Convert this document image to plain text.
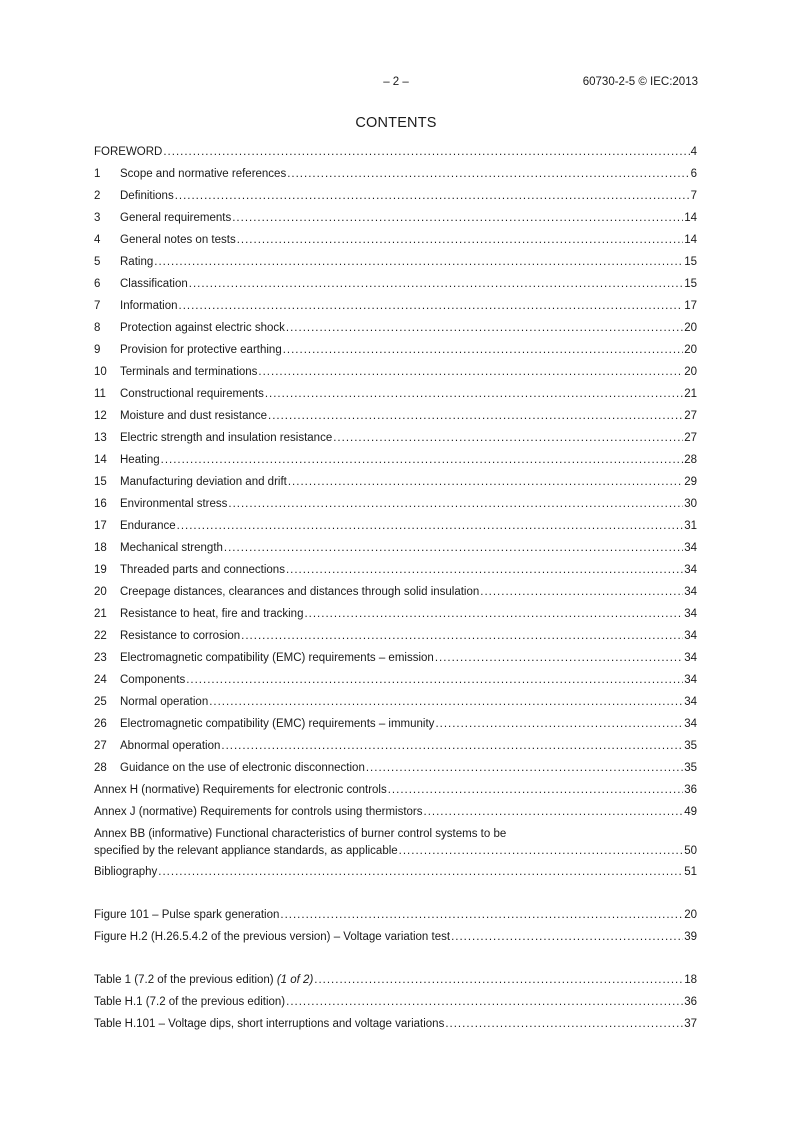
– 2 –	60730-2-5 © IEC:2013
CONTENTS
FOREWORD .....	4
1	Scope and normative references .....	6
2	Definitions .....	7
3	General requirements .....	14
4	General notes on tests .....	14
5	Rating .....	15
6	Classification .....	15
7	Information .....	17
8	Protection against electric shock .....	20
9	Provision for protective earthing .....	20
10	Terminals and terminations .....	20
11	Constructional requirements .....	21
12	Moisture and dust resistance .....	27
13	Electric strength and insulation resistance .....	27
14	Heating .....	28
15	Manufacturing deviation and drift .....	29
16	Environmental stress .....	30
17	Endurance .....	31
18	Mechanical strength .....	34
19	Threaded parts and connections .....	34
20	Creepage distances, clearances and distances through solid insulation .....	34
21	Resistance to heat, fire and tracking .....	34
22	Resistance to corrosion .....	34
23	Electromagnetic compatibility (EMC) requirements – emission .....	34
24	Components .....	34
25	Normal operation .....	34
26	Electromagnetic compatibility (EMC) requirements – immunity .....	34
27	Abnormal operation .....	35
28	Guidance on the use of electronic disconnection .....	35
Annex H (normative) Requirements for electronic controls .....	36
Annex J (normative) Requirements for controls using thermistors .....	49
Annex BB (informative) Functional characteristics of burner control systems to be
specified by the relevant appliance standards, as applicable .....	50
Bibliography .....	51
Figure 101 – Pulse spark generation .....	20
Figure H.2 (H.26.5.4.2 of the previous version) – Voltage variation test .....	39
Table 1 (7.2 of the previous edition) (1 of 2) .....	18
Table H.1 (7.2 of the previous edition) .....	36
Table H.101 – Voltage dips, short interruptions and voltage variations .....	37
